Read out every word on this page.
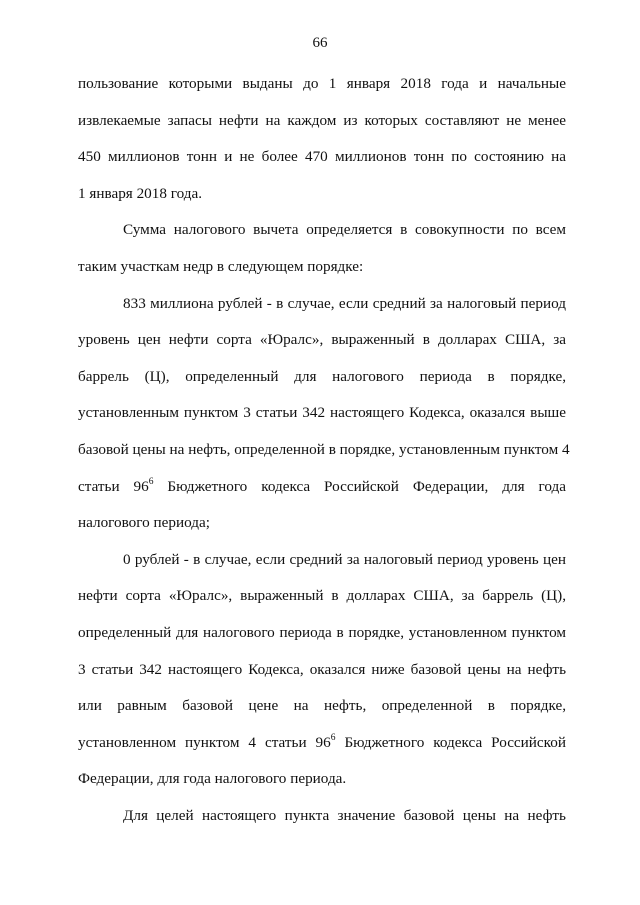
66

пользование которыми выданы до 1 января 2018 года и начальные
извлекаемые запасы нефти на каждом из которых составляют не менее
450 миллионов тонн и не более 470 миллионов тонн по состоянию на
1 января 2018 года.

Сумма налогового вычета определяется в совокупности по всем
таким участкам недр в следующем порядке:

833 миллиона рублей - в случае, если средний за налоговый период
уровень цен нефти сорта «Юралс», выраженный в долларах США, за
баррель (Ц), определенный для налогового периода в порядке,
установленным пунктом 3 статьи 342 настоящего Кодекса, оказался выше
базовой цены на нефть, определенной в порядке, установленным пунктом 4
статьи $96^6$ Бюджетного кодекса Российской Федерации, для года
налогового периода;

0 рублей - в случае, если средний за налоговый период уровень цен
нефти сорта «Юралс», выраженный в долларах США, за баррель (Ц),
определенный для налогового периода в порядке, установленном пунктом
3 статьи 342 настоящего Кодекса, оказался ниже базовой цены на нефть
или равным базовой цене на нефть, определенной в порядке,
установленном пунктом 4 статьи $96^6$ Бюджетного кодекса Российской
Федерации, для года налогового периода.

Для целей настоящего пункта значение базовой цены на нефть
